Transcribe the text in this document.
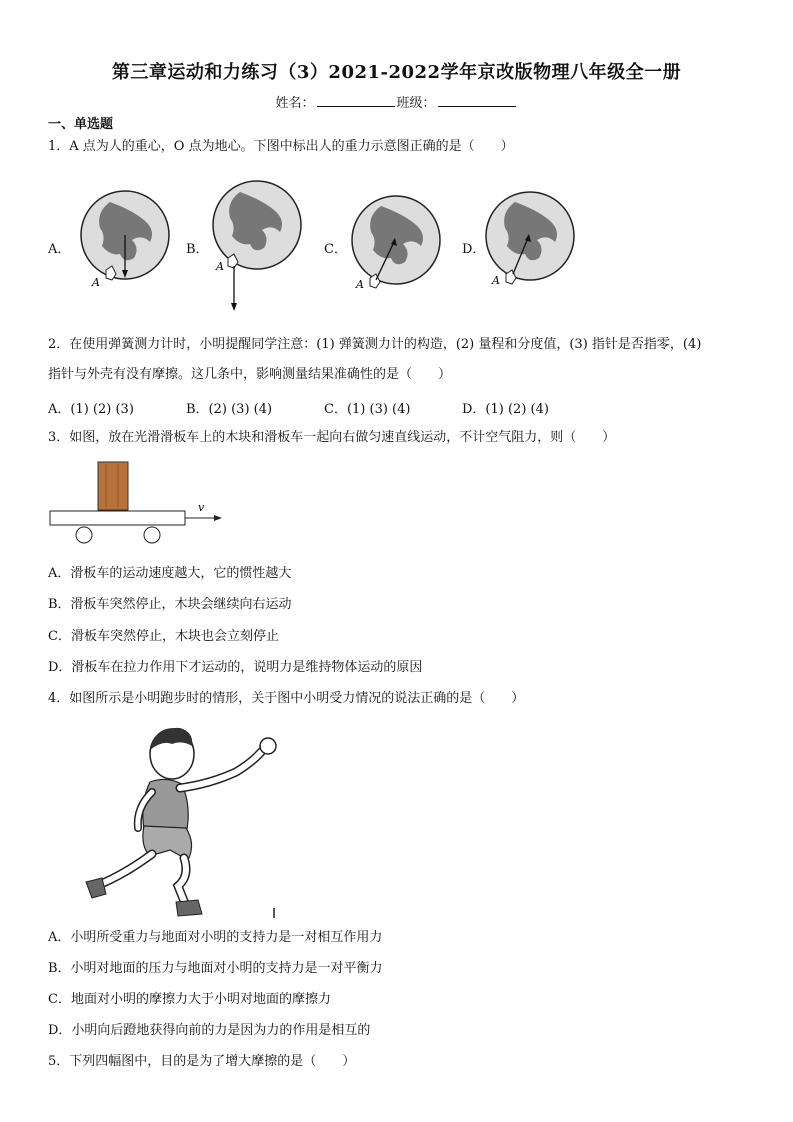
第三章运动和力练习（3）2021-2022学年京改版物理八年级全一册
姓名：	班级：
一、单选题
1．A 点为人的重心，O 点为地心。下图中标出人的重力示意图正确的是（　　）
A．	B．	C．	D．
A
A
A	A
2．在使用弹簧测力计时，小明提醒同学注意：(1) 弹簧测力计的构造，(2) 量程和分度值，(3) 指针是否指零，(4)
指针与外壳有没有摩擦。这几条中，影响测量结果准确性的是（　　）
A．(1) (2) (3)	B．(2) (3) (4)	C．(1) (3) (4)	D．(1) (2) (4)
3．如图，放在光滑滑板车上的木块和滑板车一起向右做匀速直线运动，不计空气阻力，则（　　）
v
A．滑板车的运动速度越大，它的惯性越大
B．滑板车突然停止，木块会继续向右运动
C．滑板车突然停止，木块也会立刻停止
D．滑板车在拉力作用下才运动的，说明力是维持物体运动的原因
4．如图所示是小明跑步时的情形，关于图中小明受力情况的说法正确的是（　　）
A．小明所受重力与地面对小明的支持力是一对相互作用力
B．小明对地面的压力与地面对小明的支持力是一对平衡力
C．地面对小明的摩擦力大于小明对地面的摩擦力
D．小明向后蹬地获得向前的力是因为力的作用是相互的
5．下列四幅图中，目的是为了增大摩擦的是（　　）
